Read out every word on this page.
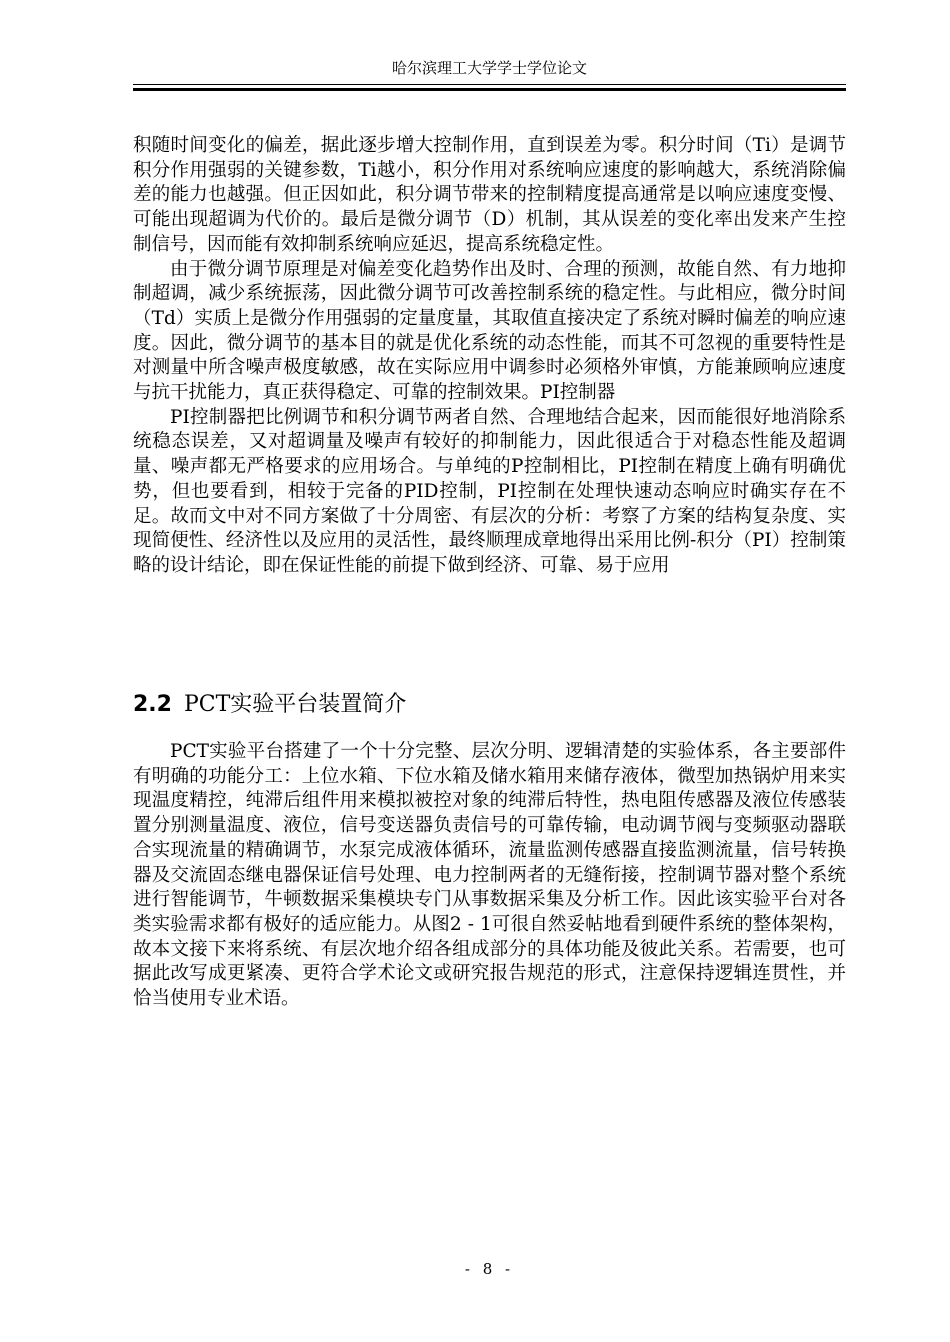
哈尔滨理工大学学士学位论文

积随时间变化的偏差，据此逐步增大控制作用，直到误差为零。积分时间（Ti）是调节积分作用强弱的关键参数，Ti越小，积分作用对系统响应速度的影响越大，系统消除偏差的能力也越强。但正因如此，积分调节带来的控制精度提高通常是以响应速度变慢、可能出现超调为代价的。最后是微分调节（D）机制，其从误差的变化率出发来产生控制信号，因而能有效抑制系统响应延迟，提高系统稳定性。

由于微分调节原理是对偏差变化趋势作出及时、合理的预测，故能自然、有力地抑制超调，减少系统振荡，因此微分调节可改善控制系统的稳定性。与此相应，微分时间（Td）实质上是微分作用强弱的定量度量，其取值直接决定了系统对瞬时偏差的响应速度。因此，微分调节的基本目的就是优化系统的动态性能，而其不可忽视的重要特性是对测量中所含噪声极度敏感，故在实际应用中调参时必须格外审慎，方能兼顾响应速度与抗干扰能力，真正获得稳定、可靠的控制效果。PI控制器

PI控制器把比例调节和积分调节两者自然、合理地结合起来，因而能很好地消除系统稳态误差，又对超调量及噪声有较好的抑制能力，因此很适合于对稳态性能及超调量、噪声都无严格要求的应用场合。与单纯的P控制相比，PI控制在精度上确有明确优势，但也要看到，相较于完备的PID控制，PI控制在处理快速动态响应时确实存在不足。故而文中对不同方案做了十分周密、有层次的分析：考察了方案的结构复杂度、实现简便性、经济性以及应用的灵活性，最终顺理成章地得出采用比例-积分（PI）控制策略的设计结论，即在保证性能的前提下做到经济、可靠、易于应用

2.2 PCT实验平台装置简介

PCT实验平台搭建了一个十分完整、层次分明、逻辑清楚的实验体系，各主要部件有明确的功能分工：上位水箱、下位水箱及储水箱用来储存液体，微型加热锅炉用来实现温度精控，纯滞后组件用来模拟被控对象的纯滞后特性，热电阻传感器及液位传感装置分别测量温度、液位，信号变送器负责信号的可靠传输，电动调节阀与变频驱动器联合实现流量的精确调节，水泵完成液体循环，流量监测传感器直接监测流量，信号转换器及交流固态继电器保证信号处理、电力控制两者的无缝衔接，控制调节器对整个系统进行智能调节，牛顿数据采集模块专门从事数据采集及分析工作。因此该实验平台对各类实验需求都有极好的适应能力。从图2 - 1可很自然妥帖地看到硬件系统的整体架构，故本文接下来将系统、有层次地介绍各组成部分的具体功能及彼此关系。若需要，也可据此改写成更紧凑、更符合学术论文或研究报告规范的形式，注意保持逻辑连贯性，并恰当使用专业术语。

- 8 -
